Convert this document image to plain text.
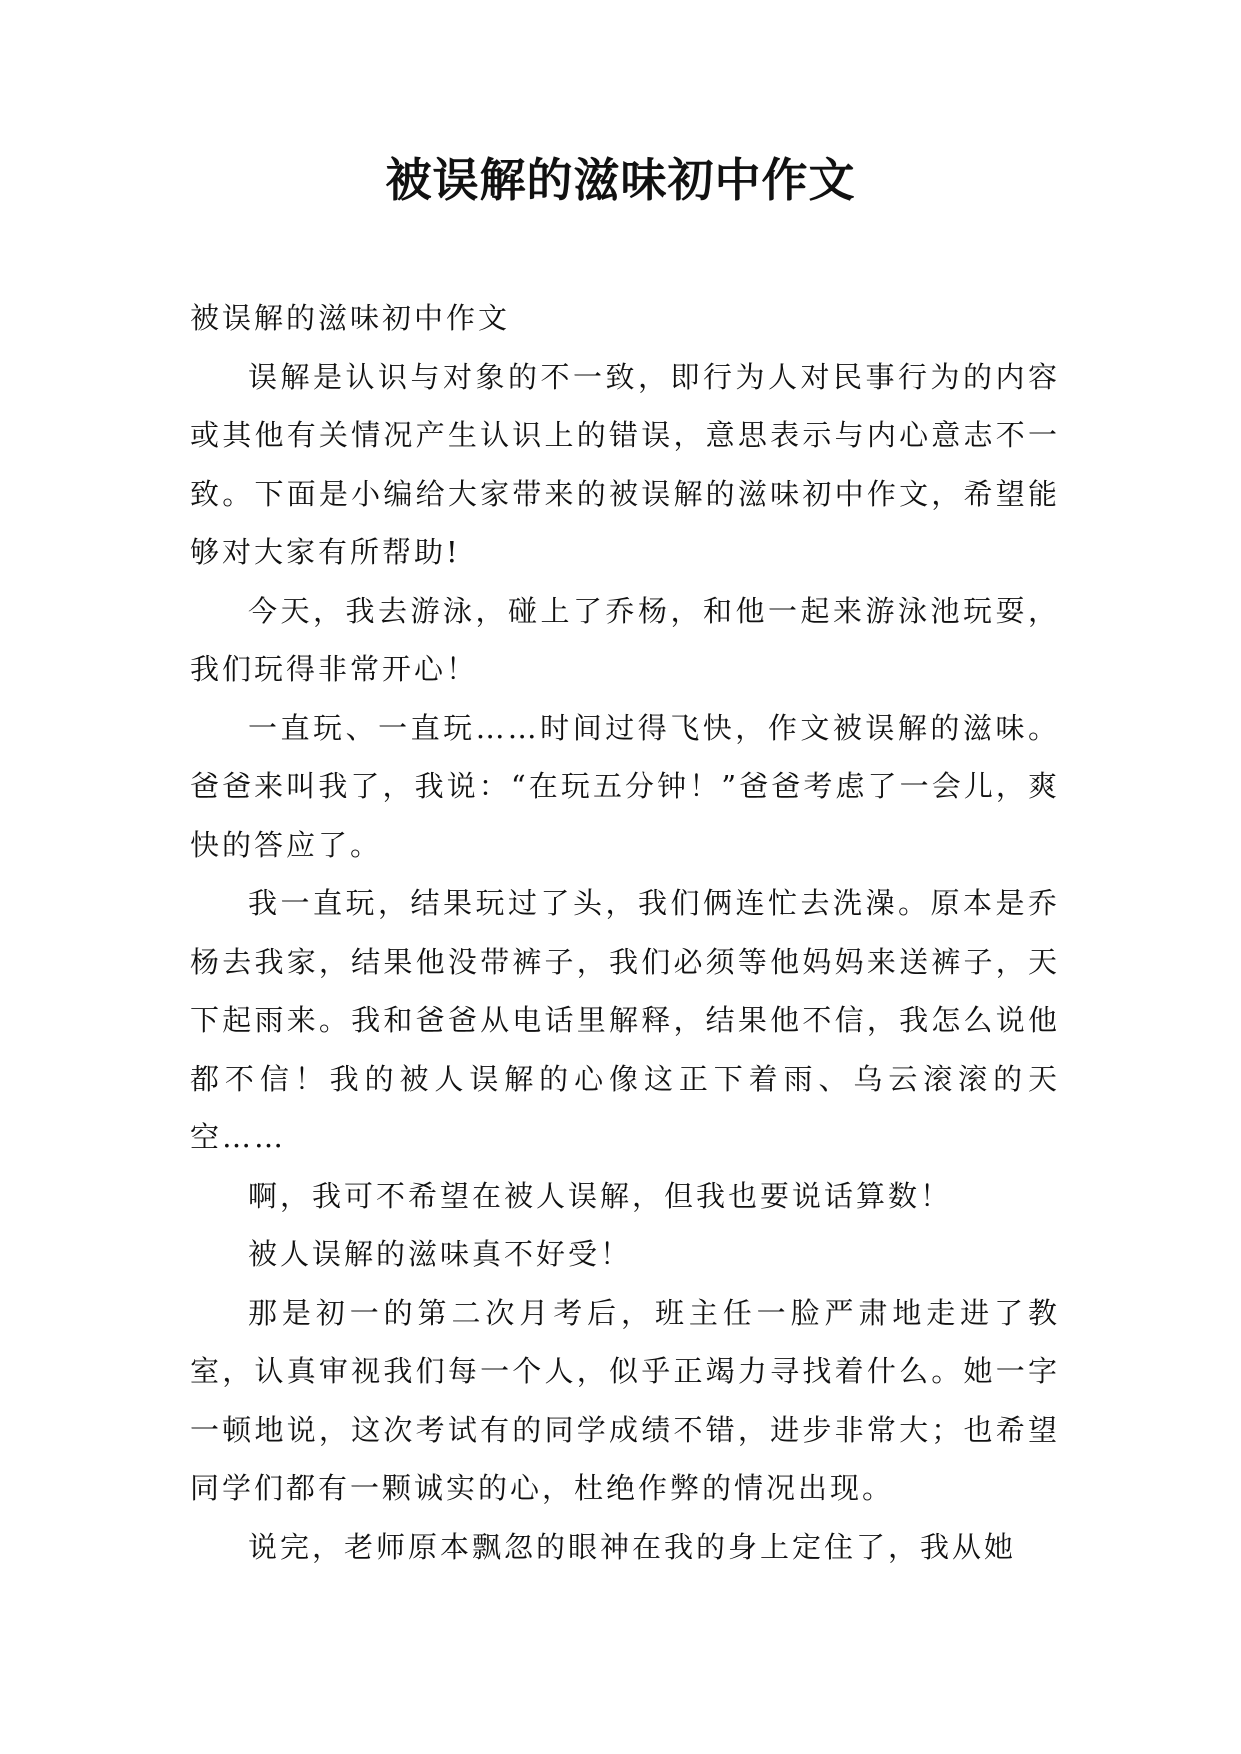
被误解的滋味初中作文

被误解的滋味初中作文

误解是认识与对象的不一致，即行为人对民事行为的内容或其他有关情况产生认识上的错误，意思表示与内心意志不一致。下面是小编给大家带来的被误解的滋味初中作文，希望能够对大家有所帮助!

今天，我去游泳，碰上了乔杨，和他一起来游泳池玩耍，我们玩得非常开心！

一直玩、一直玩……时间过得飞快，作文被误解的滋味。爸爸来叫我了，我说：“在玩五分钟！”爸爸考虑了一会儿，爽快的答应了。

我一直玩，结果玩过了头，我们俩连忙去洗澡。原本是乔杨去我家，结果他没带裤子，我们必须等他妈妈来送裤子，天下起雨来。我和爸爸从电话里解释，结果他不信，我怎么说他都不信！我的被人误解的心像这正下着雨、乌云滚滚的天空……

啊，我可不希望在被人误解，但我也要说话算数！

被人误解的滋味真不好受！

那是初一的第二次月考后，班主任一脸严肃地走进了教室，认真审视我们每一个人，似乎正竭力寻找着什么。她一字一顿地说，这次考试有的同学成绩不错，进步非常大；也希望同学们都有一颗诚实的心，杜绝作弊的情况出现。

说完，老师原本飘忽的眼神在我的身上定住了，我从她
